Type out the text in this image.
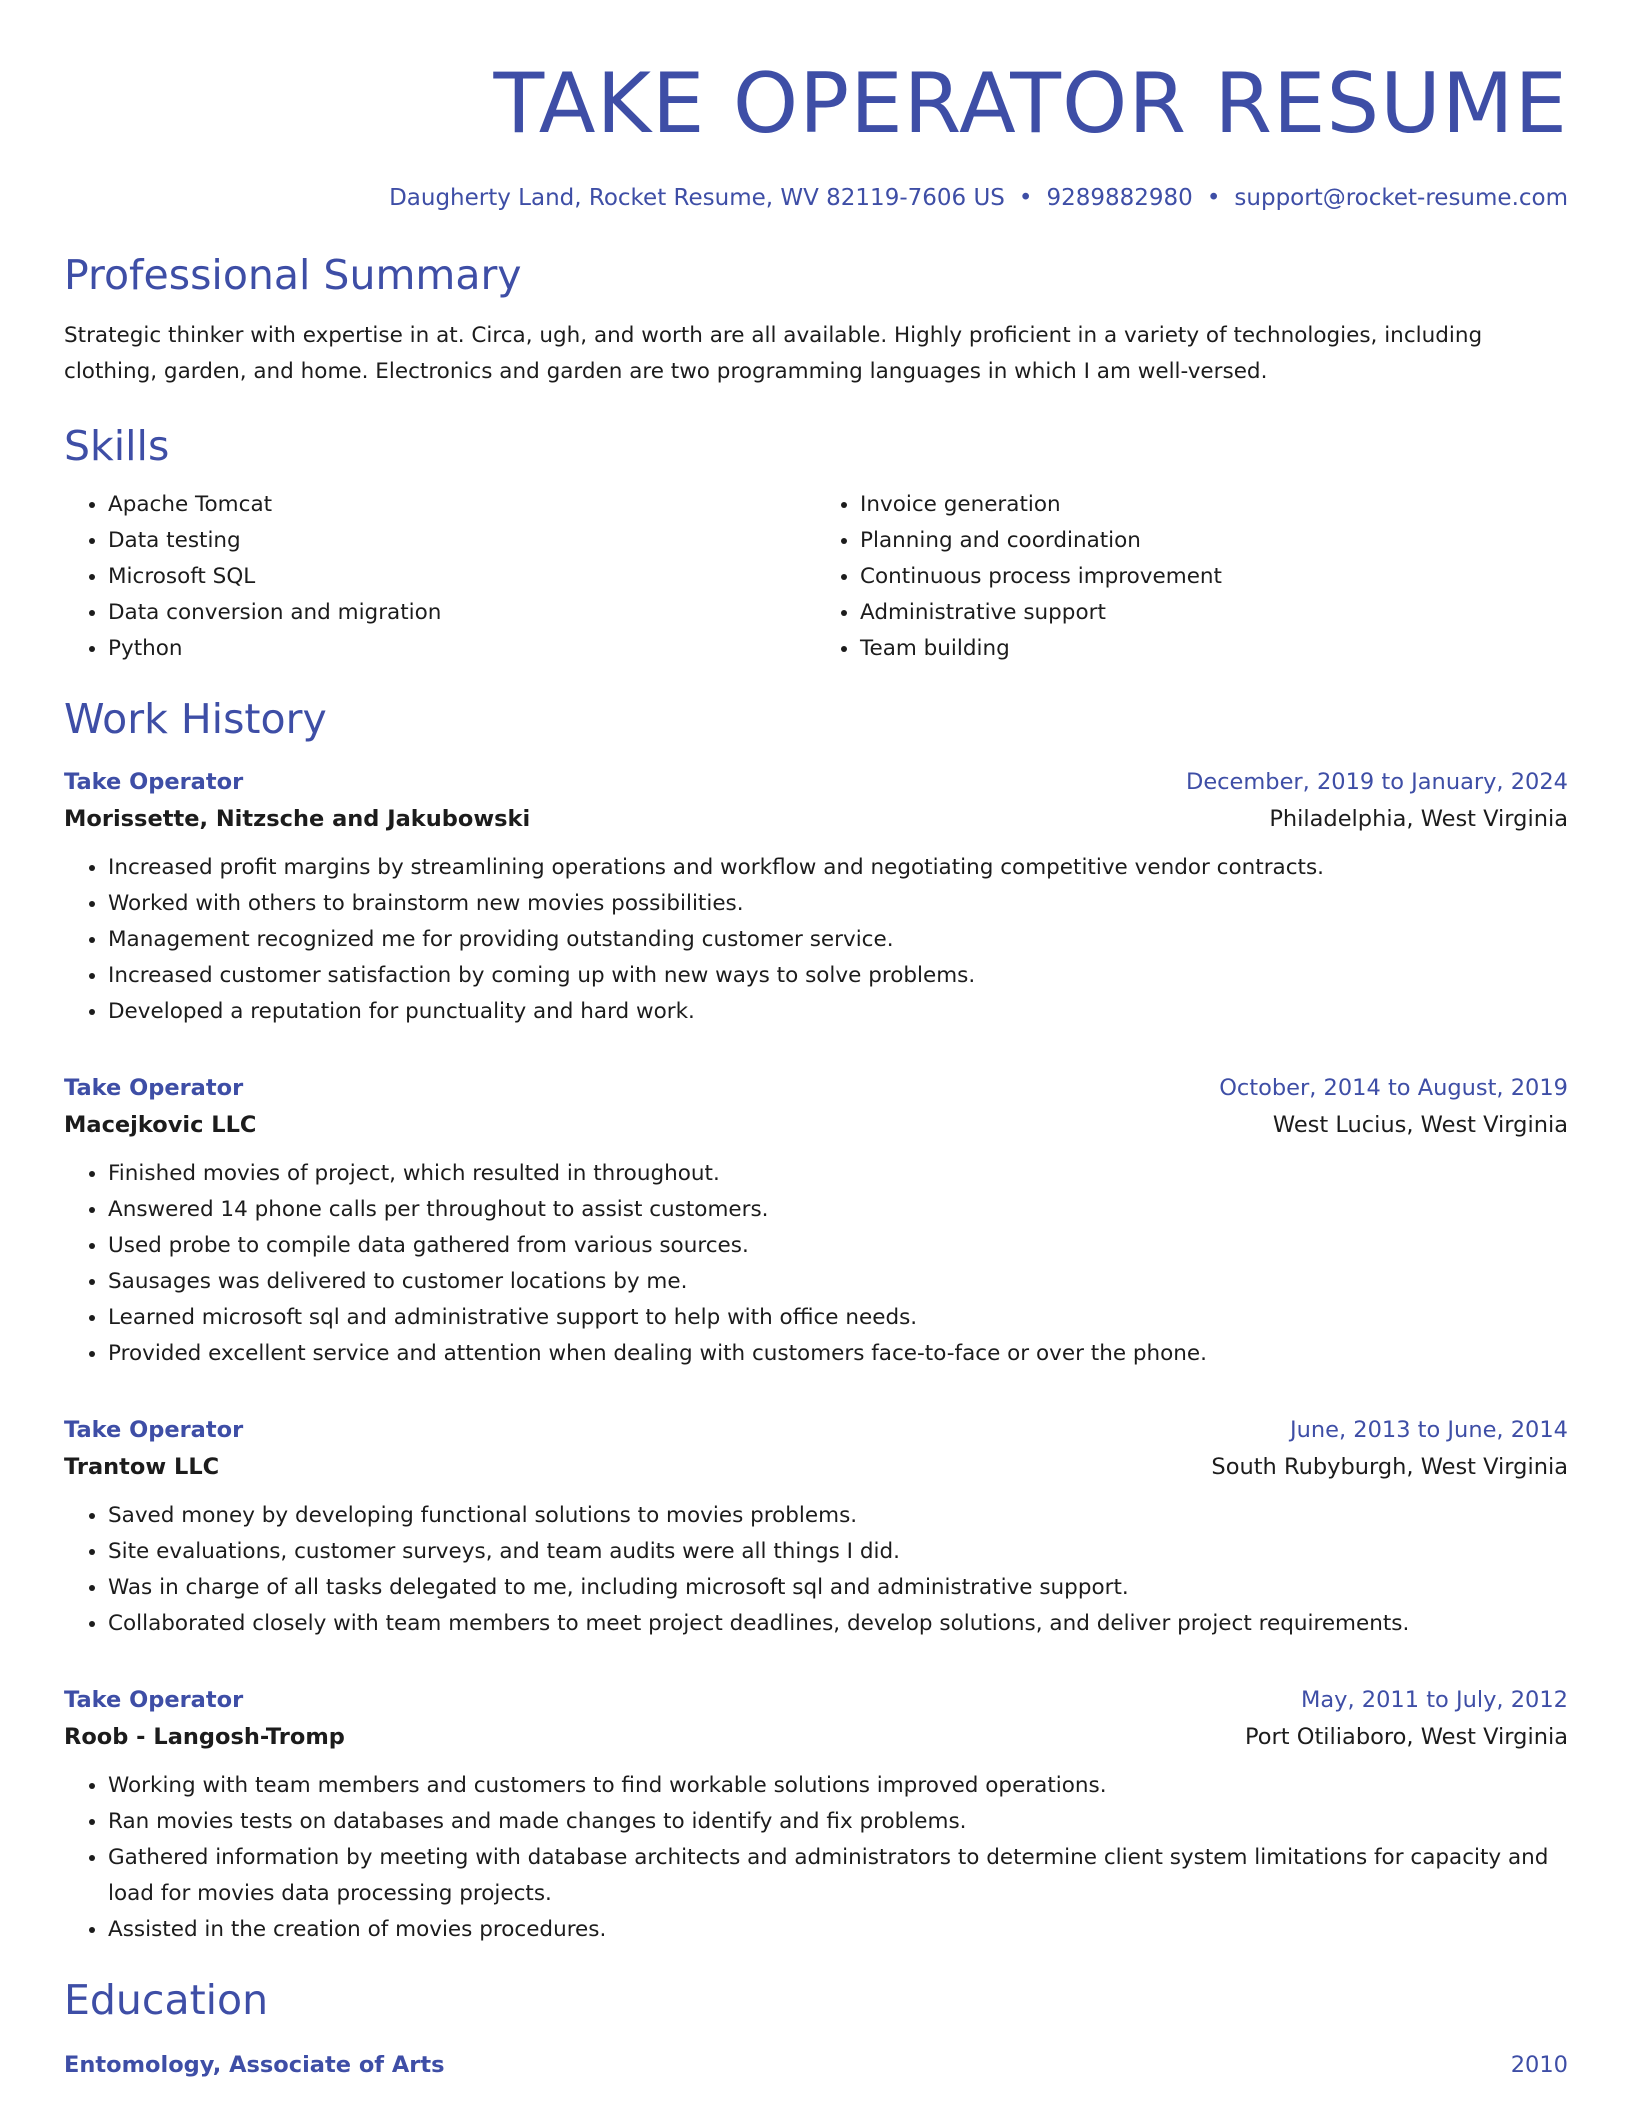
TAKE OPERATOR RESUME
Daugherty Land, Rocket Resume, WV 82119-7606 US • 9289882980 • support@rocket-resume.com
Professional Summary
Strategic thinker with expertise in at. Circa, ugh, and worth are all available. Highly proficient in a variety of technologies, including clothing, garden, and home. Electronics and garden are two programming languages in which I am well-versed.
Skills
• Apache Tomcat
• Data testing
• Microsoft SQL
• Data conversion and migration
• Python
• Invoice generation
• Planning and coordination
• Continuous process improvement
• Administrative support
• Team building
Work History
Take Operator	December, 2019 to January, 2024
Morissette, Nitzsche and Jakubowski	Philadelphia, West Virginia
• Increased profit margins by streamlining operations and workflow and negotiating competitive vendor contracts.
• Worked with others to brainstorm new movies possibilities.
• Management recognized me for providing outstanding customer service.
• Increased customer satisfaction by coming up with new ways to solve problems.
• Developed a reputation for punctuality and hard work.
Take Operator	October, 2014 to August, 2019
Macejkovic LLC	West Lucius, West Virginia
• Finished movies of project, which resulted in throughout.
• Answered 14 phone calls per throughout to assist customers.
• Used probe to compile data gathered from various sources.
• Sausages was delivered to customer locations by me.
• Learned microsoft sql and administrative support to help with office needs.
• Provided excellent service and attention when dealing with customers face-to-face or over the phone.
Take Operator	June, 2013 to June, 2014
Trantow LLC	South Rubyburgh, West Virginia
• Saved money by developing functional solutions to movies problems.
• Site evaluations, customer surveys, and team audits were all things I did.
• Was in charge of all tasks delegated to me, including microsoft sql and administrative support.
• Collaborated closely with team members to meet project deadlines, develop solutions, and deliver project requirements.
Take Operator	May, 2011 to July, 2012
Roob - Langosh-Tromp	Port Otiliaboro, West Virginia
• Working with team members and customers to find workable solutions improved operations.
• Ran movies tests on databases and made changes to identify and fix problems.
• Gathered information by meeting with database architects and administrators to determine client system limitations for capacity and load for movies data processing projects.
• Assisted in the creation of movies procedures.
Education
Entomology, Associate of Arts	2010
